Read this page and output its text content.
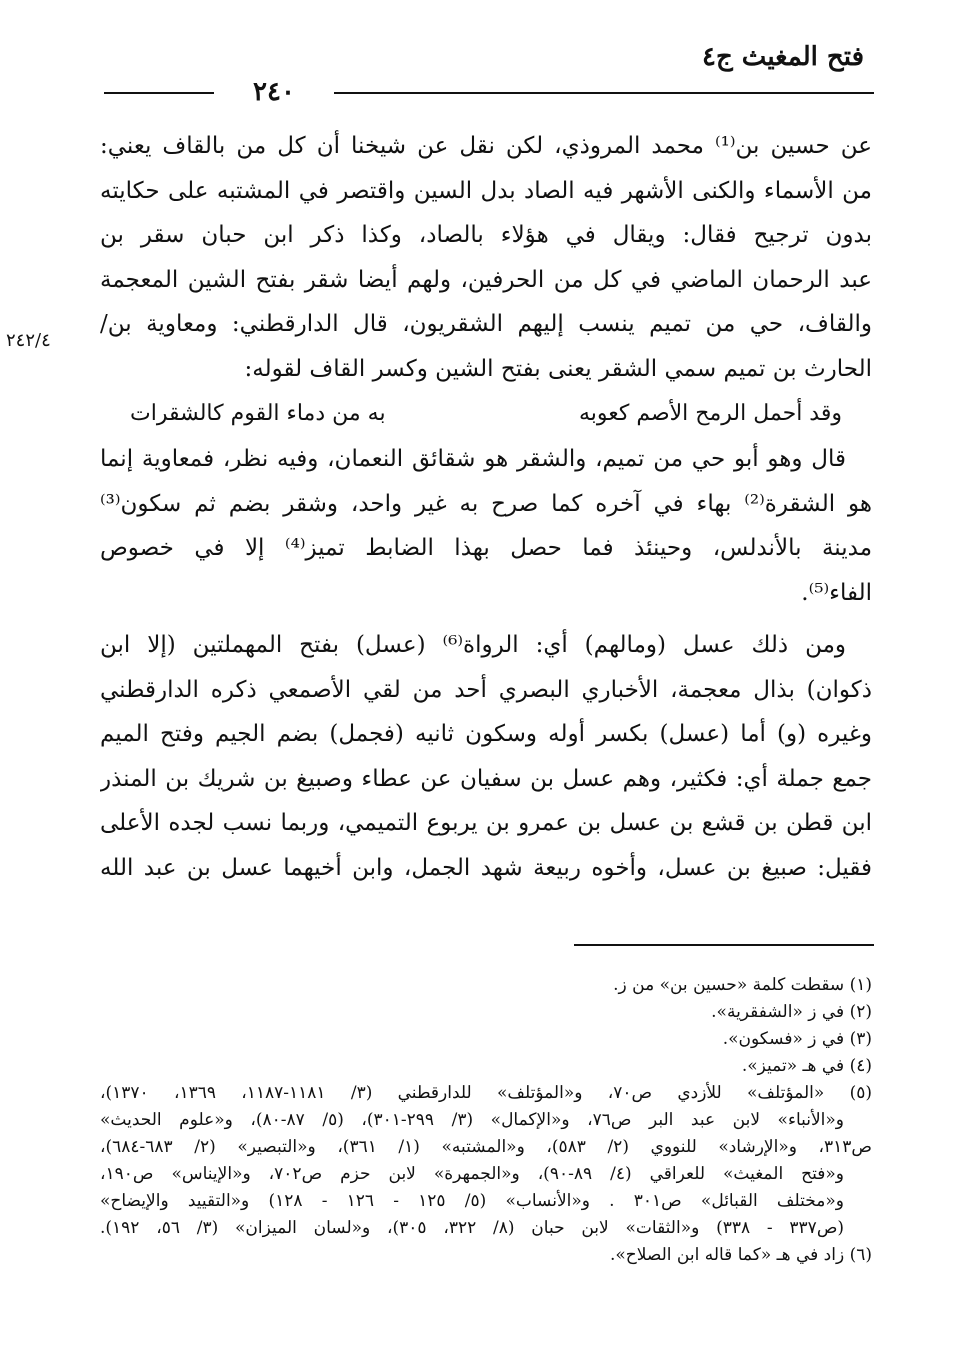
فتح المغيث ج٤
٢٤٠
٢٤٢/٤
عن حسين بن⁽¹⁾ محمد المروذي، لكن نقل عن شيخنا أن كل من بالقاف يعني:
من الأسماء والكنى الأشهر فيه الصاد بدل السين واقتصر في المشتبه على حكايته
بدون ترجيح فقال: ويقال في هؤلاء بالصاد، وكذا ذكر ابن حبان سقر بن
عبد الرحمان الماضي في كل من الحرفين، ولهم أيضا شقر بفتح الشين المعجمة
والقاف، حي من تميم ينسب إليهم الشقريون، قال الدارقطني: ومعاوية بن/
الحارث بن تميم سمي الشقر يعنى بفتح الشين وكسر القاف لقوله:
وقد أحمل الرمح الأصم كعوبه
به من دماء القوم كالشقرات
قال وهو أبو حي من تميم، والشقر هو شقائق النعمان، وفيه نظر، فمعاوية إنما
هو الشقرة⁽²⁾ بهاء في آخره كما صرح به غير واحد، وشقر بضم ثم سكون⁽³⁾
مدينة بالأندلس، وحينئذ فما حصل بهذا الضابط تميز⁽⁴⁾ إلا في خصوص
الفاء⁽⁵⁾.
ومن ذلك عسل (ومالهم) أي: الرواة⁽⁶⁾ (عسل) بفتح المهملتين (إلا ابن
ذكوان) بذال معجمة، الأخباري البصري أحد من لقي الأصمعي ذكره الدارقطني
وغيره (و) أما (عسل) بكسر أوله وسكون ثانيه (فجمل) بضم الجيم وفتح الميم
جمع جملة أي: فكثير، وهم عسل بن سفيان عن عطاء وصبيغ بن شريك بن المنذر
ابن قطن بن قشع بن عسل بن عمرو بن يربوع التميمي، وربما نسب لجده الأعلى
فقيل: صبيغ بن عسل، وأخوه ربيعة شهد الجمل، وابن أخيهما عسل بن عبد الله
(١) سقطت كلمة «حسين بن» من ز.
(٢) في ز «الشفقرية».
(٣) في ز «فسكون».
(٤) في هـ «تميز».
(٥) «المؤتلف» للأزدي ص٧٠، و«المؤتلف» للدارقطني (٣/ ١١٨١-١١٨٧، ١٣٦٩، ١٣٧٠)،
و«الأنباء» لابن عبد البر ص٧٦، و«الإكمال» (٣/ ٢٩٩-٣٠١)، (٥/ ٨٧-٨٠)، و«علوم الحديث»
ص٣١٣، و«الإرشاد» للنووي (٢/ ٥٨٣)، و«المشتبه» (١/ ٣٦١)، و«التبصير» (٢/ ٦٨٣-٦٨٤)،
و«فتح المغيث» للعراقي (٤/ ٨٩-٩٠)، و«الجمهرة» لابن حزم ص٧٠٢، و«الإيناس» ص١٩٠،
و«مختلف القبائل» ص٣٠١ . و«الأنساب» (٥/ ١٢٥ - ١٢٦ - ١٢٨) و«التقييد والإيضاح»
(ص٣٣٧ - ٣٣٨) و«الثقات» لابن حبان (٨/ ٣٢٢، ٣٠٥)، و«لسان الميزان» (٣/ ٥٦، ١٩٢).
(٦) زاد في هـ «كما قاله ابن الصلاح».
